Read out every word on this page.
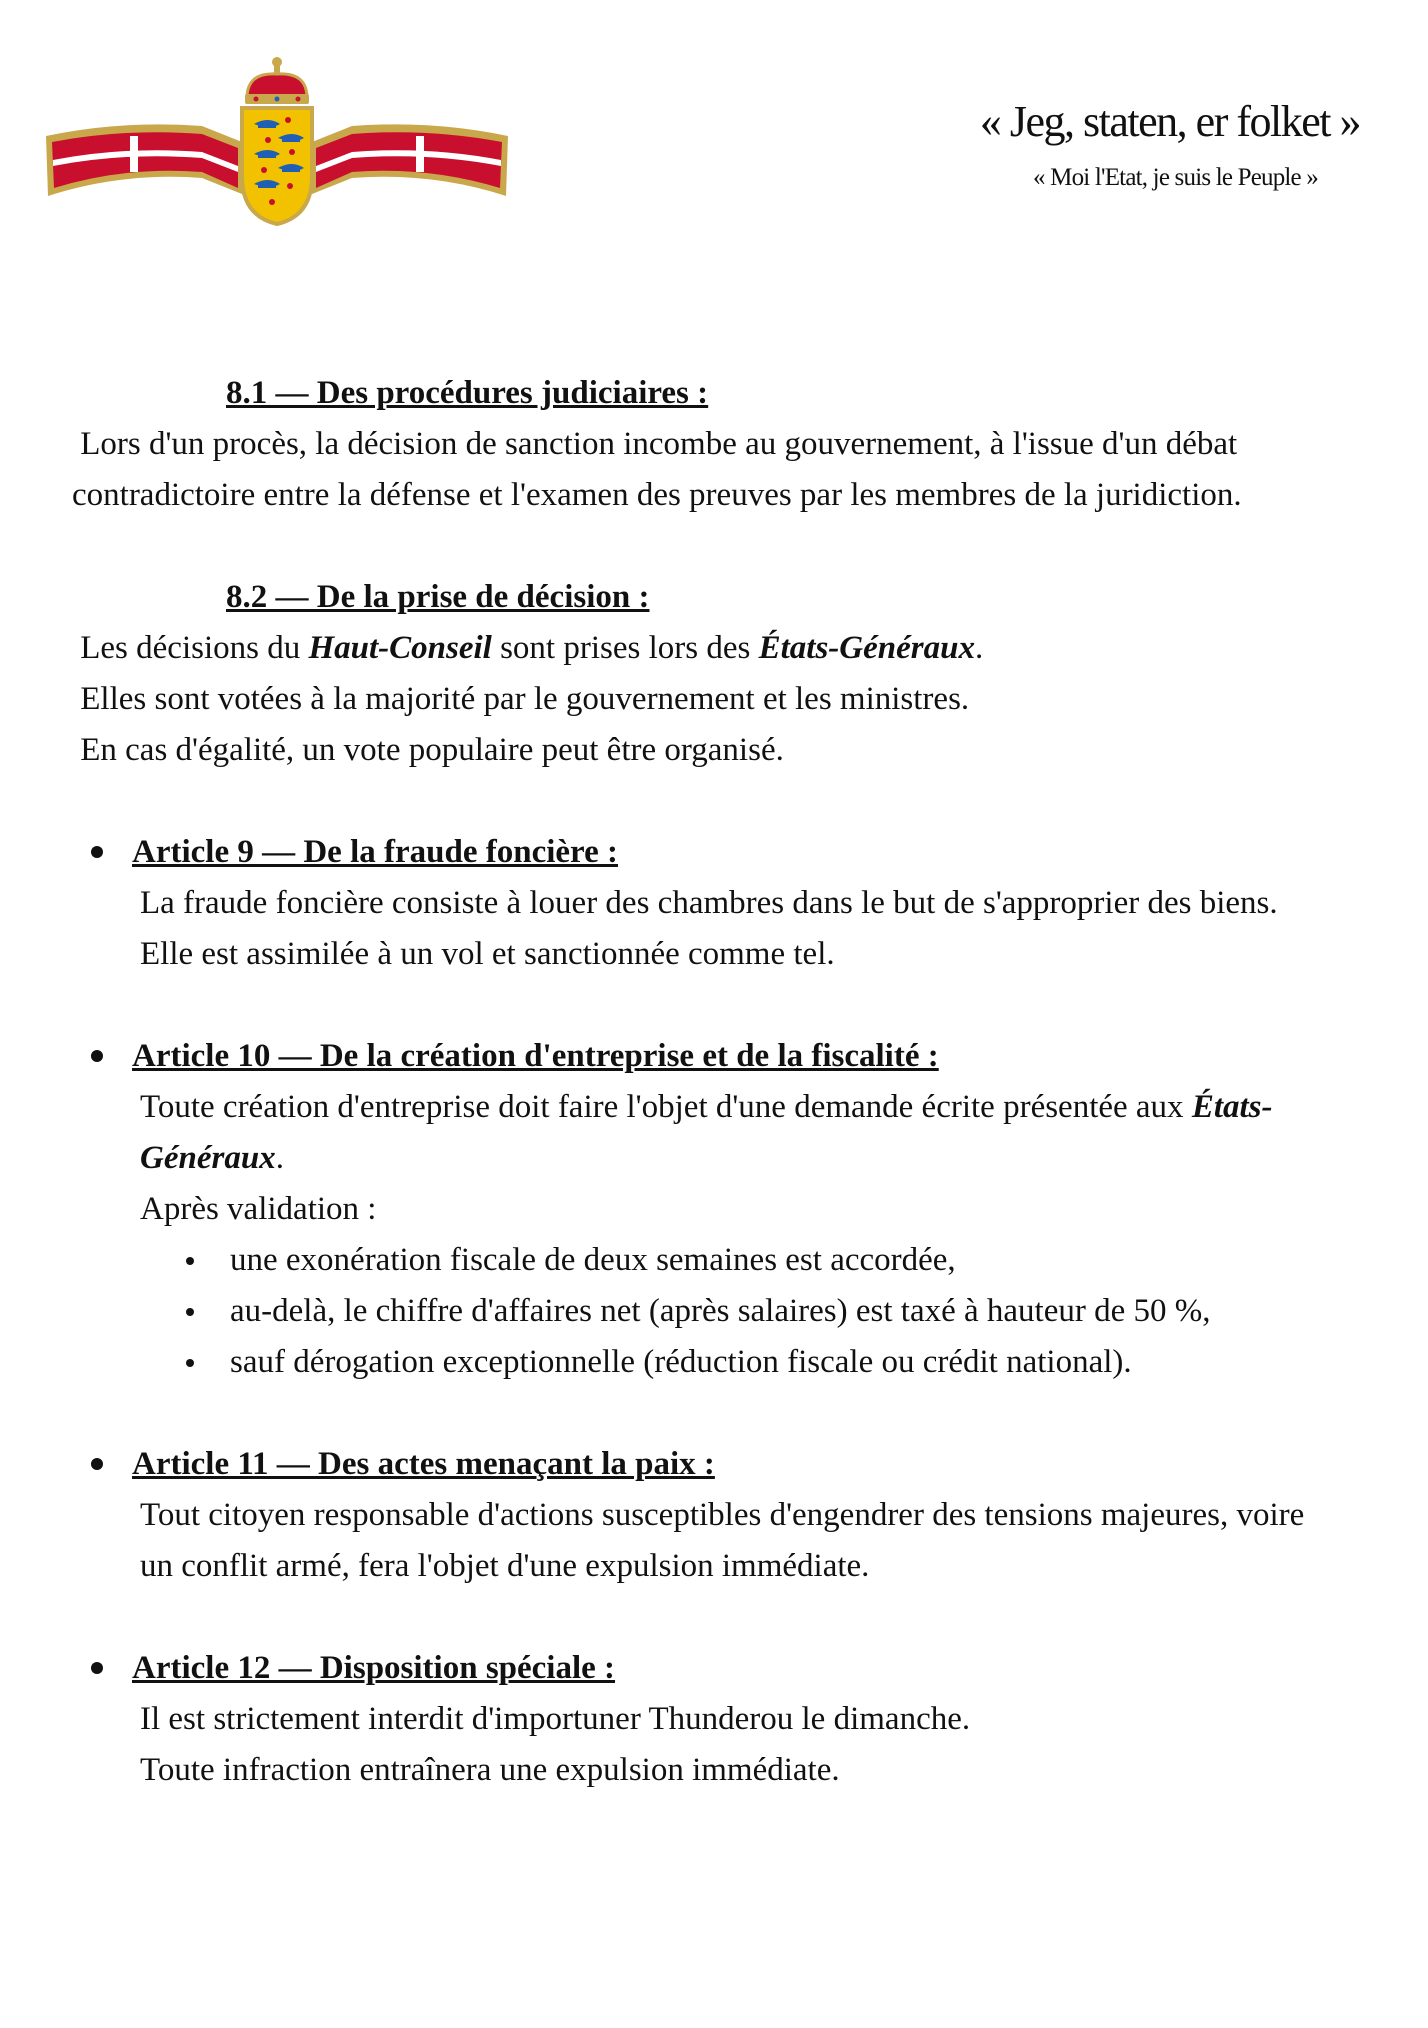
« Jeg, staten, er folket »
« Moi l'Etat, je suis le Peuple »
8.1 — Des procédures judiciaires :
Lors d'un procès, la décision de sanction incombe au gouvernement, à l'issue d'un débat contradictoire entre la défense et l'examen des preuves par les membres de la juridiction.
8.2 — De la prise de décision :
Les décisions du Haut-Conseil sont prises lors des États-Généraux.
Elles sont votées à la majorité par le gouvernement et les ministres.
En cas d'égalité, un vote populaire peut être organisé.
Article 9 — De la fraude foncière :
La fraude foncière consiste à louer des chambres dans le but de s'approprier des biens.
Elle est assimilée à un vol et sanctionnée comme tel.
Article 10 — De la création d'entreprise et de la fiscalité :
Toute création d'entreprise doit faire l'objet d'une demande écrite présentée aux États-Généraux.
Après validation :
une exonération fiscale de deux semaines est accordée,
au-delà, le chiffre d'affaires net (après salaires) est taxé à hauteur de 50 %,
sauf dérogation exceptionnelle (réduction fiscale ou crédit national).
Article 11 — Des actes menaçant la paix :
Tout citoyen responsable d'actions susceptibles d'engendrer des tensions majeures, voire un conflit armé, fera l'objet d'une expulsion immédiate.
Article 12 — Disposition spéciale :
Il est strictement interdit d'importuner Thunderou le dimanche.
Toute infraction entraînera une expulsion immédiate.
